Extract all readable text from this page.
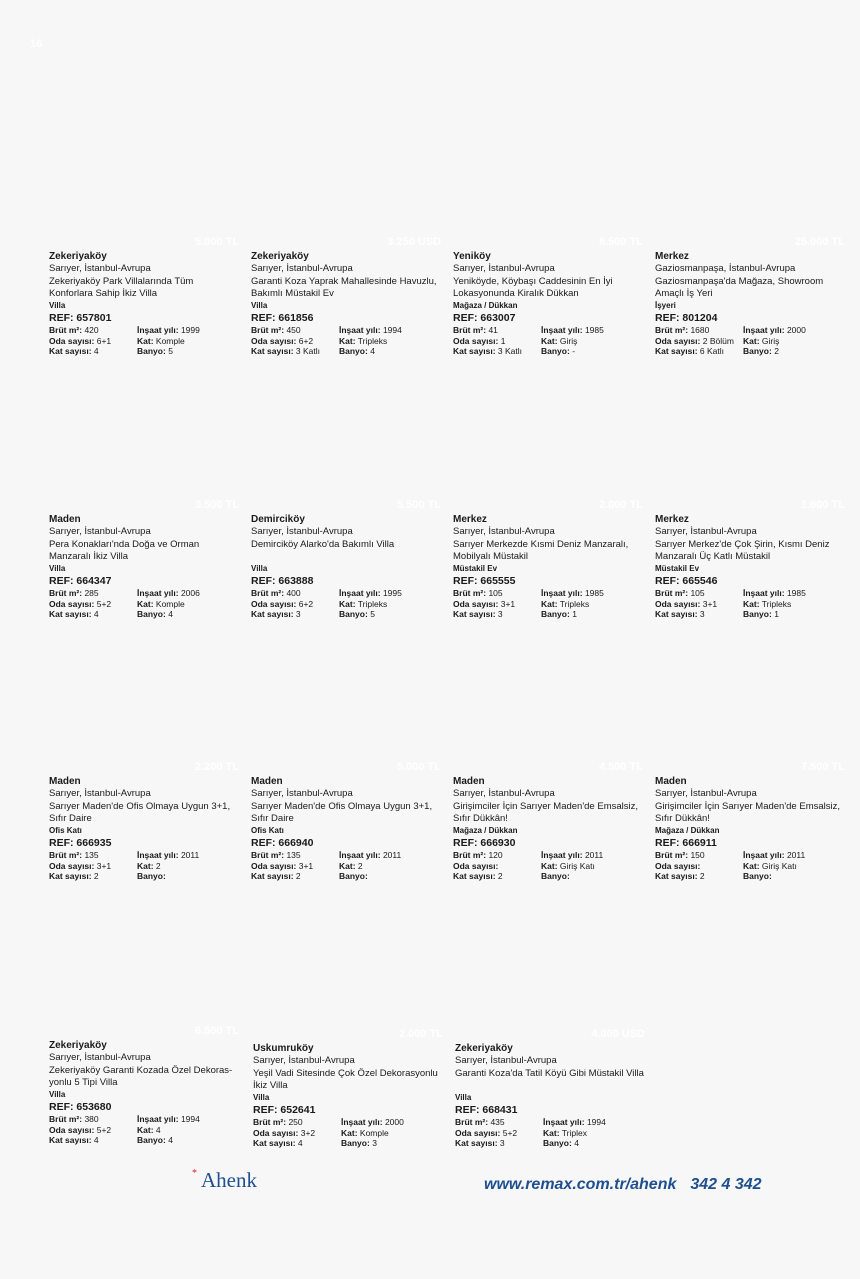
16
5.000 TL
Zekeriyaköy
Sarıyer, İstanbul-Avrupa
Zekeriyaköy Park Villalarında Tüm Konforlara Sahip İkiz Villa
Villa
REF: 657801
Brüt m²: 420	İnşaat yılı: 1999
Oda sayısı: 6+1	Kat: Komple
Kat sayısı: 4	Banyo: 5
3.250 USD
Zekeriyaköy
Sarıyer, İstanbul-Avrupa
Garanti Koza Yaprak Mahallesinde Havuzlu, Bakımlı Müstakil Ev
Villa
REF: 661856
Brüt m²: 450	İnşaat yılı: 1994
Oda sayısı: 6+2	Kat: Tripleks
Kat sayısı: 3 Katlı	Banyo: 4
8.500 TL
Yeniköy
Sarıyer, İstanbul-Avrupa
Yeniköyde, Köybaşı Caddesinin En İyi Lokasyonunda Kiralık Dükkan
Mağaza / Dükkan
REF: 663007
Brüt m²: 41	İnşaat yılı: 1985
Oda sayısı: 1	Kat: Giriş
Kat sayısı: 3 Katlı	Banyo: -
25.000 TL
Merkez
Gaziosmanpaşa, İstanbul-Avrupa
Gaziosmanpaşa'da Mağaza, Showroom Amaçlı İş Yeri
İşyeri
REF: 801204
Brüt m²: 1680	İnşaat yılı: 2000
Oda sayısı: 2 Bölüm	Kat: Giriş
Kat sayısı: 6 Katlı	Banyo: 2
3.500 TL
Maden
Sarıyer, İstanbul-Avrupa
Pera Konakları'nda Doğa ve Orman Manzaralı İkiz Villa
Villa
REF: 664347
Brüt m²: 285	İnşaat yılı: 2006
Oda sayısı: 5+2	Kat: Komple
Kat sayısı: 4	Banyo: 4
5.500 TL
Demirciköy
Sarıyer, İstanbul-Avrupa
Demirciköy Alarko'da Bakımlı Villa
Villa
REF: 663888
Brüt m²: 400	İnşaat yılı: 1995
Oda sayısı: 6+2	Kat: Tripleks
Kat sayısı: 3	Banyo: 5
2.000 TL
Merkez
Sarıyer, İstanbul-Avrupa
Sarıyer Merkezde Kısmi Deniz Manzaralı, Mobilyalı Müstakil
Müstakil Ev
REF: 665555
Brüt m²: 105	İnşaat yılı: 1985
Oda sayısı: 3+1	Kat: Tripleks
Kat sayısı: 3	Banyo: 1
1.600 TL
Merkez
Sarıyer, İstanbul-Avrupa
Sarıyer Merkez'de Çok Şirin, Kısmı Deniz Manzaralı Üç Katlı Müstakil
Müstakil Ev
REF: 665546
Brüt m²: 105	İnşaat yılı: 1985
Oda sayısı: 3+1	Kat: Tripleks
Kat sayısı: 3	Banyo: 1
2.200 TL
Maden
Sarıyer, İstanbul-Avrupa
Sarıyer Maden'de Ofis Olmaya Uygun 3+1, Sıfır Daire
Ofis Katı
REF: 666935
Brüt m²: 135	İnşaat yılı: 2011
Oda sayısı: 3+1	Kat: 2
Kat sayısı: 2	Banyo:
5.000 TL
Maden
Sarıyer, İstanbul-Avrupa
Sarıyer Maden'de Ofis Olmaya Uygun 3+1, Sıfır Daire
Ofis Katı
REF: 666940
Brüt m²: 135	İnşaat yılı: 2011
Oda sayısı: 3+1	Kat: 2
Kat sayısı: 2	Banyo:
4.500 TL
Maden
Sarıyer, İstanbul-Avrupa
Girişimciler İçin Sarıyer Maden'de Emsalsiz, Sıfır Dükkân!
Mağaza / Dükkan
REF: 666930
Brüt m²: 120	İnşaat yılı: 2011
Oda sayısı:	Kat: Giriş Katı
Kat sayısı: 2	Banyo:
7.500 TL
Maden
Sarıyer, İstanbul-Avrupa
Girişimciler İçin Sarıyer Maden'de Emsalsiz, Sıfır Dükkân!
Mağaza / Dükkan
REF: 666911
Brüt m²: 150	İnşaat yılı: 2011
Oda sayısı:	Kat: Giriş Katı
Kat sayısı: 2	Banyo:
6.500 TL
Zekeriyaköy
Sarıyer, İstanbul-Avrupa
Zekeriyaköy Garanti Kozada Özel Dekoras-yonlu 5 Tipi Villa
Villa
REF: 653680
Brüt m²: 380	İnşaat yılı: 1994
Oda sayısı: 5+2	Kat: 4
Kat sayısı: 4	Banyo: 4
2.000 TL
Uskumruköy
Sarıyer, İstanbul-Avrupa
Yeşil Vadi Sitesinde Çok Özel Dekorasyonlu İkiz Villa
Villa
REF: 652641
Brüt m²: 250	İnşaat yılı: 2000
Oda sayısı: 3+2	Kat: Komple
Kat sayısı: 4	Banyo: 3
4.000 USD
Zekeriyaköy
Sarıyer, İstanbul-Avrupa
Garanti Koza'da Tatil Köyü Gibi Müstakil Villa
Villa
REF: 668431
Brüt m²: 435	İnşaat yılı: 1994
Oda sayısı: 5+2	Kat: Triplex
Kat sayısı: 3	Banyo: 4
* Ahenk	www.remax.com.tr/ahenk 342 4 342
